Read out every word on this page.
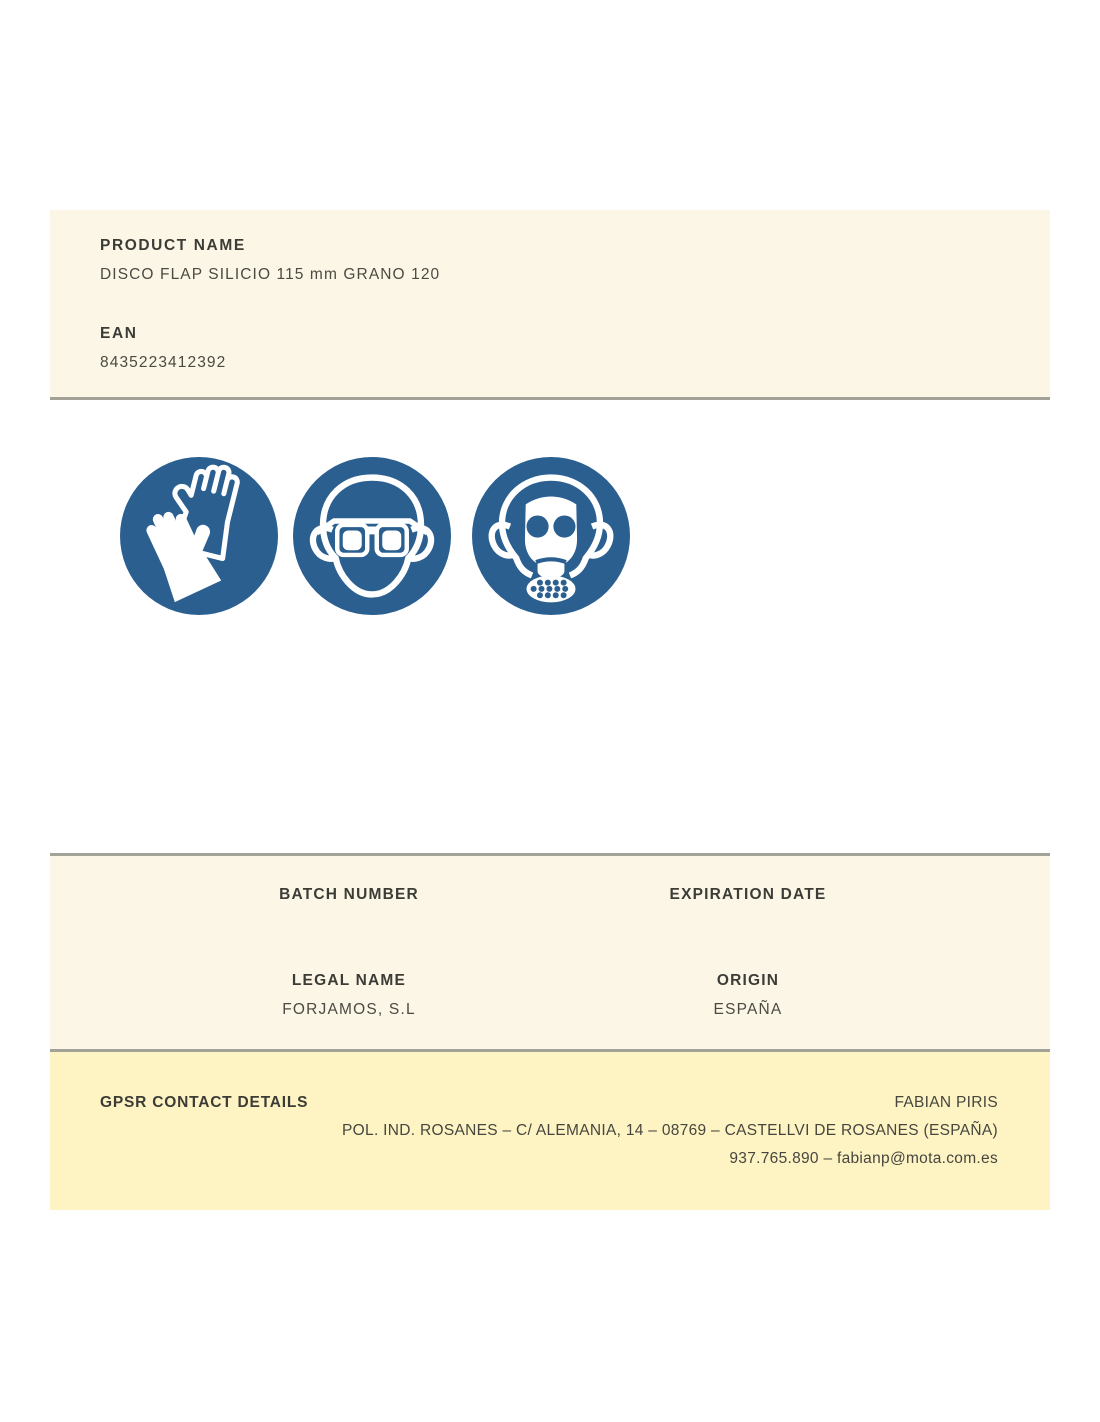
PRODUCT NAME
DISCO FLAP SILICIO 115 mm GRANO 120
EAN
8435223412392
BATCH NUMBER	EXPIRATION DATE
LEGAL NAME
FORJAMOS, S.L
ORIGIN
ESPAÑA
GPSR CONTACT DETAILS	FABIAN PIRIS
POL. IND. ROSANES – C/ ALEMANIA, 14 – 08769 – CASTELLVI DE ROSANES (ESPAÑA)
937.765.890 – fabianp@mota.com.es
